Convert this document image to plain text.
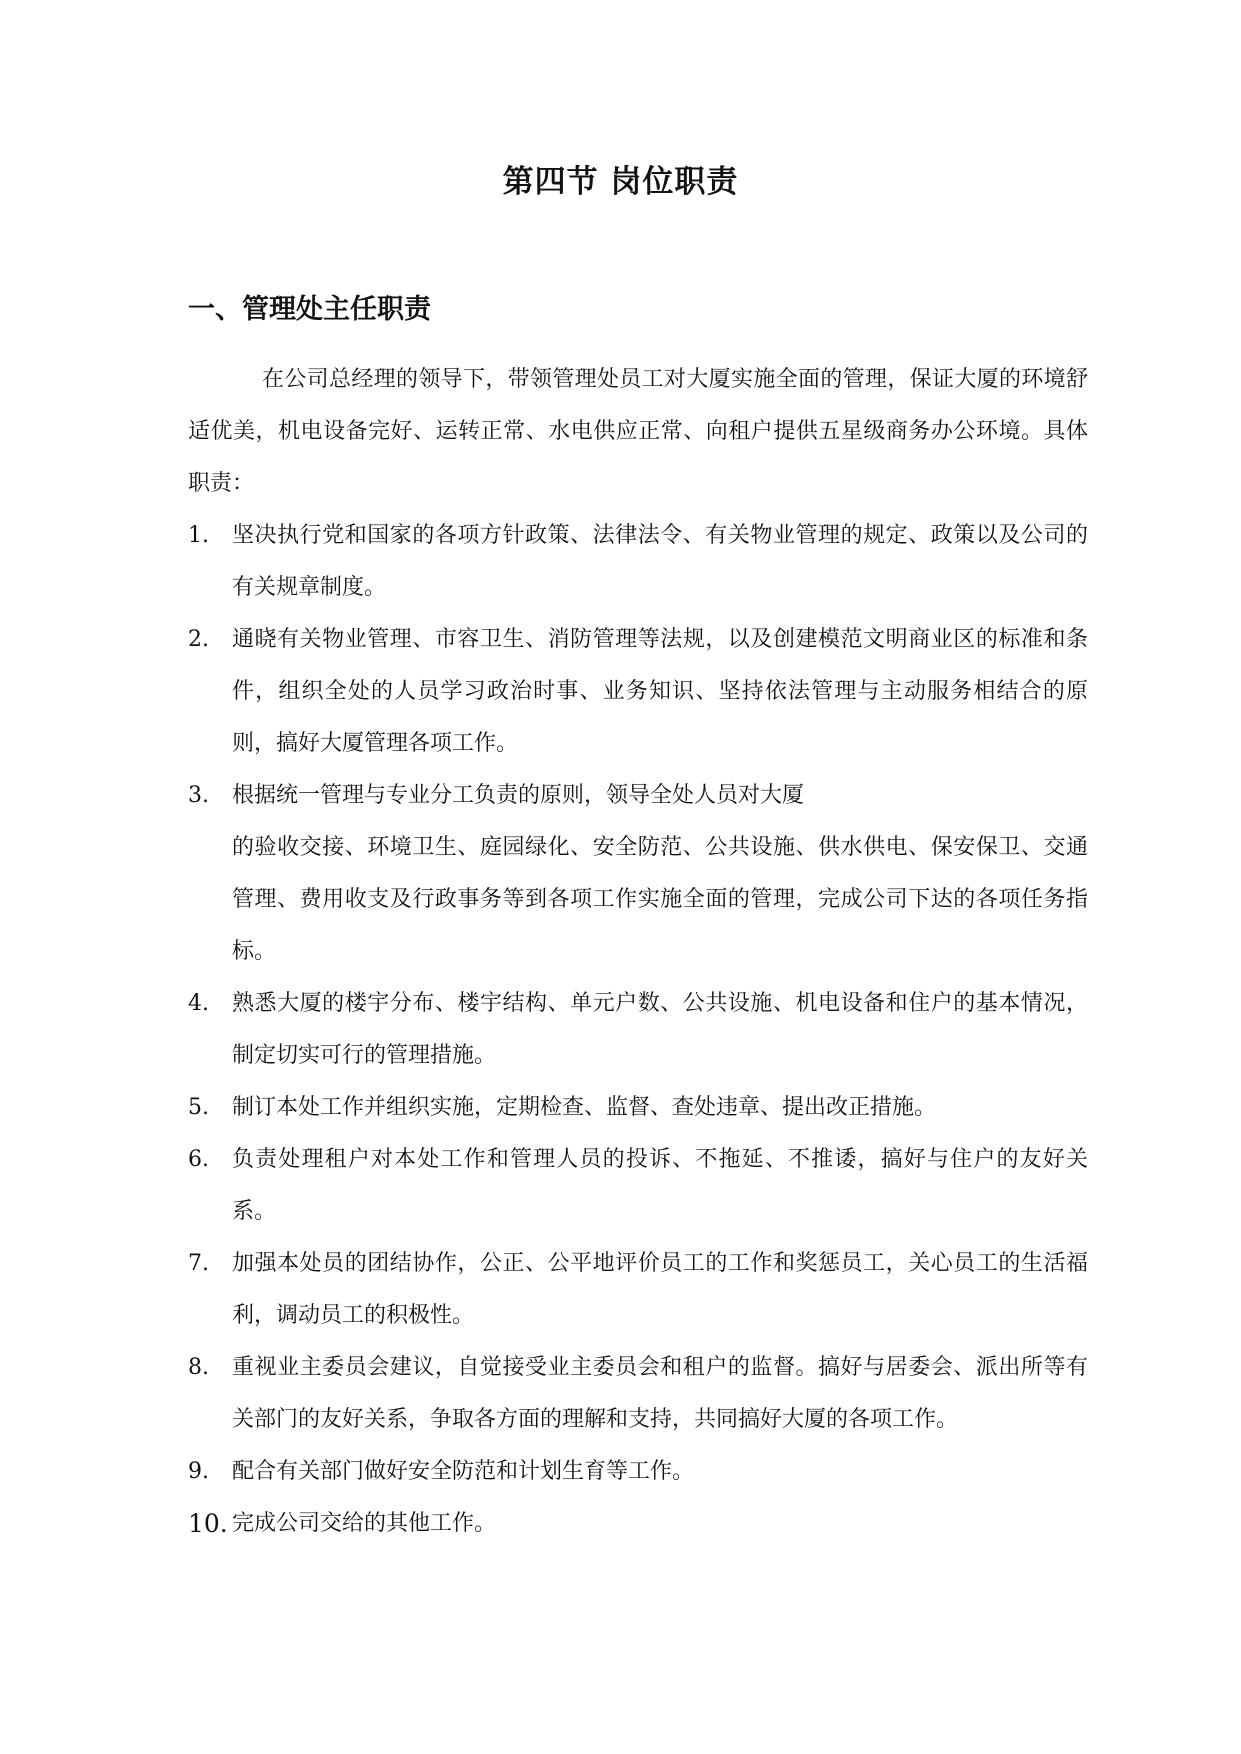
第四节 岗位职责
一、管理处主任职责

在公司总经理的领导下，带领管理处员工对大厦实施全面的管理，保证大厦的环境舒适优美，机电设备完好、运转正常、水电供应正常、向租户提供五星级商务办公环境。具体职责：

1.	坚决执行党和国家的各项方针政策、法律法令、有关物业管理的规定、政策以及公司的有关规章制度。
2.	通晓有关物业管理、市容卫生、消防管理等法规，以及创建模范文明商业区的标准和条件，组织全处的人员学习政治时事、业务知识、坚持依法管理与主动服务相结合的原则，搞好大厦管理各项工作。
3.	根据统一管理与专业分工负责的原则，领导全处人员对大厦
的验收交接、环境卫生、庭园绿化、安全防范、公共设施、供水供电、保安保卫、交通管理、费用收支及行政事务等到各项工作实施全面的管理，完成公司下达的各项任务指标。
4.	熟悉大厦的楼宇分布、楼宇结构、单元户数、公共设施、机电设备和住户的基本情况，制定切实可行的管理措施。
5.	制订本处工作并组织实施，定期检查、监督、查处违章、提出改正措施。
6.	负责处理租户对本处工作和管理人员的投诉、不拖延、不推诿，搞好与住户的友好关系。
7.	加强本处员的团结协作，公正、公平地评价员工的工作和奖惩员工，关心员工的生活福利，调动员工的积极性。
8.	重视业主委员会建议，自觉接受业主委员会和租户的监督。搞好与居委会、派出所等有关部门的友好关系，争取各方面的理解和支持，共同搞好大厦的各项工作。
9.	配合有关部门做好安全防范和计划生育等工作。
10. 完成公司交给的其他工作。
